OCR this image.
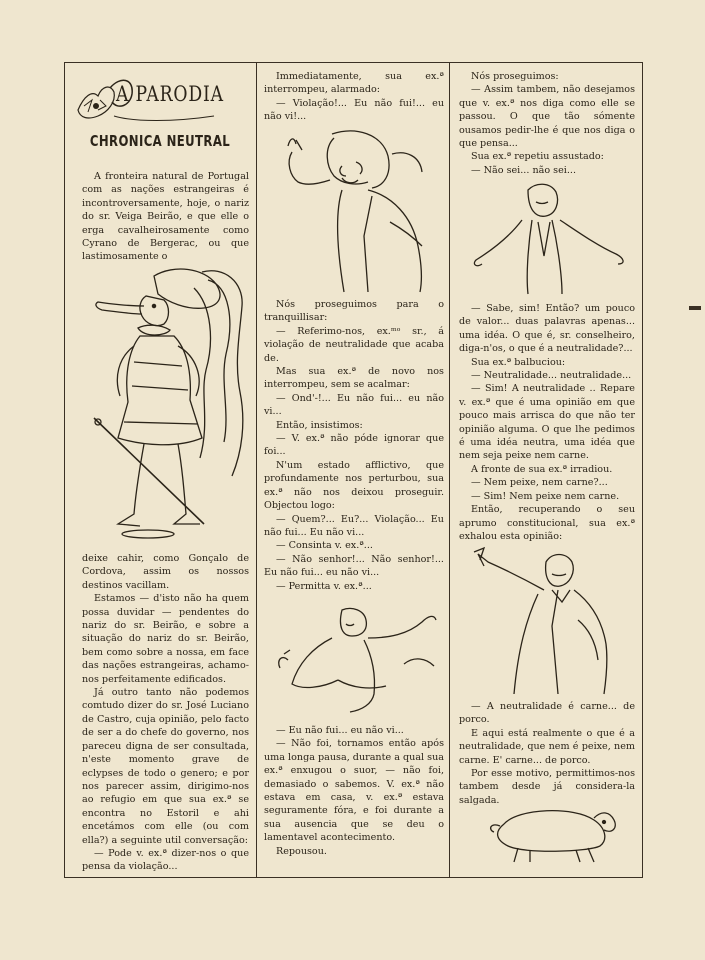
A PARODIA
CHRONICA NEUTRAL

A fronteira natural de Portugal com as nações estrangeiras é incontroversamente, hoje, o nariz do sr. Veiga Beirão, e que elle o erga cavalheirosamente como Cyrano de Bergerac, ou que lastimosamente o

deixe cahir, como Gonçalo de Cordova, assim os nossos destinos vacillam.

Estamos — d'isto não ha quem possa duvidar — pendentes do nariz do sr. Beirão, e sobre a situação do nariz do sr. Beirão, bem como sobre a nossa, em face das nações estrangeiras, achamo-nos perfeitamente edificados.

Já outro tanto não podemos comtudo dizer do sr. José Luciano de Castro, cuja opinião, pelo facto de ser a do chefe do governo, nos pareceu digna de ser consultada, n'este momento grave de eclypses de todo o genero; e por nos parecer assim, dirigimo-nos ao refugio em que sua ex.ª se encontra no Estoril e ahi encetámos com elle (ou com ella?) a seguinte util conversação:

— Pode v. ex.ª dizer-nos o que pensa da violação...

Immediatamente, sua ex.ª interrompeu, alarmado:

— Violação!... Eu não fui!... eu não vi!...

Nós proseguimos para o tranquillisar:

— Referimo-nos, ex.ᵐᵒ sr., á violação de neutralidade que acaba de.

Mas sua ex.ª de novo nos interrompeu, sem se acalmar:

— Ond'-!... Eu não fui... eu não vi...

Então, insistimos:

— V. ex.ª não póde ignorar que foi...

N'um estado afflictivo, que profundamente nos perturbou, sua ex.ª não nos deixou proseguir. Objectou logo:

— Quem?... Eu?... Violação... Eu não fui... Eu não vi...

— Consinta v. ex.ª...

— Não senhor!... Não senhor!... Eu não fui... eu não vi...

— Permitta v. ex.ª...

— Eu não fui... eu não vi...

— Não foi, tornamos então após uma longa pausa, durante a qual sua ex.ª enxugou o suor, — não foi, demasiado o sabemos. V. ex.ª não estava em casa, v. ex.ª estava seguramente fóra, e foi durante a sua ausencia que se deu o lamentavel acontecimento.

Repousou.

Nós proseguimos:

— Assim tambem, não desejamos que v. ex.ª nos diga como elle se passou. O que tão sómente ousamos pedir-lhe é que nos diga o que pensa...

Sua ex.ª repetiu assustado:

— Não sei... não sei...

— Sabe, sim! Então? um pouco de valor... duas palavras apenas... uma idéa. O que é, sr. conselheiro, diga-n'os, o que é a neutralidade?...

Sua ex.ª balbuciou:

— Neutralidade... neutralidade...

— Sim! A neutralidade .. Repare v. ex.ª que é uma opinião em que pouco mais arrisca do que não ter opinião alguma. O que lhe pedimos é uma idéa neutra, uma idéa que nem seja peixe nem carne.

A fronte de sua ex.ª irradiou.

— Nem peixe, nem carne?...

— Sim! Nem peixe nem carne.

Então, recuperando o seu aprumo constitucional, sua ex.ª exhalou esta opinião:

— A neutralidade é carne... de porco.

E aqui está realmente o que é a neutralidade, que nem é peixe, nem carne. E' carne... de porco.

Por esse motivo, permittimos-nos tambem desde já considera-la salgada.
